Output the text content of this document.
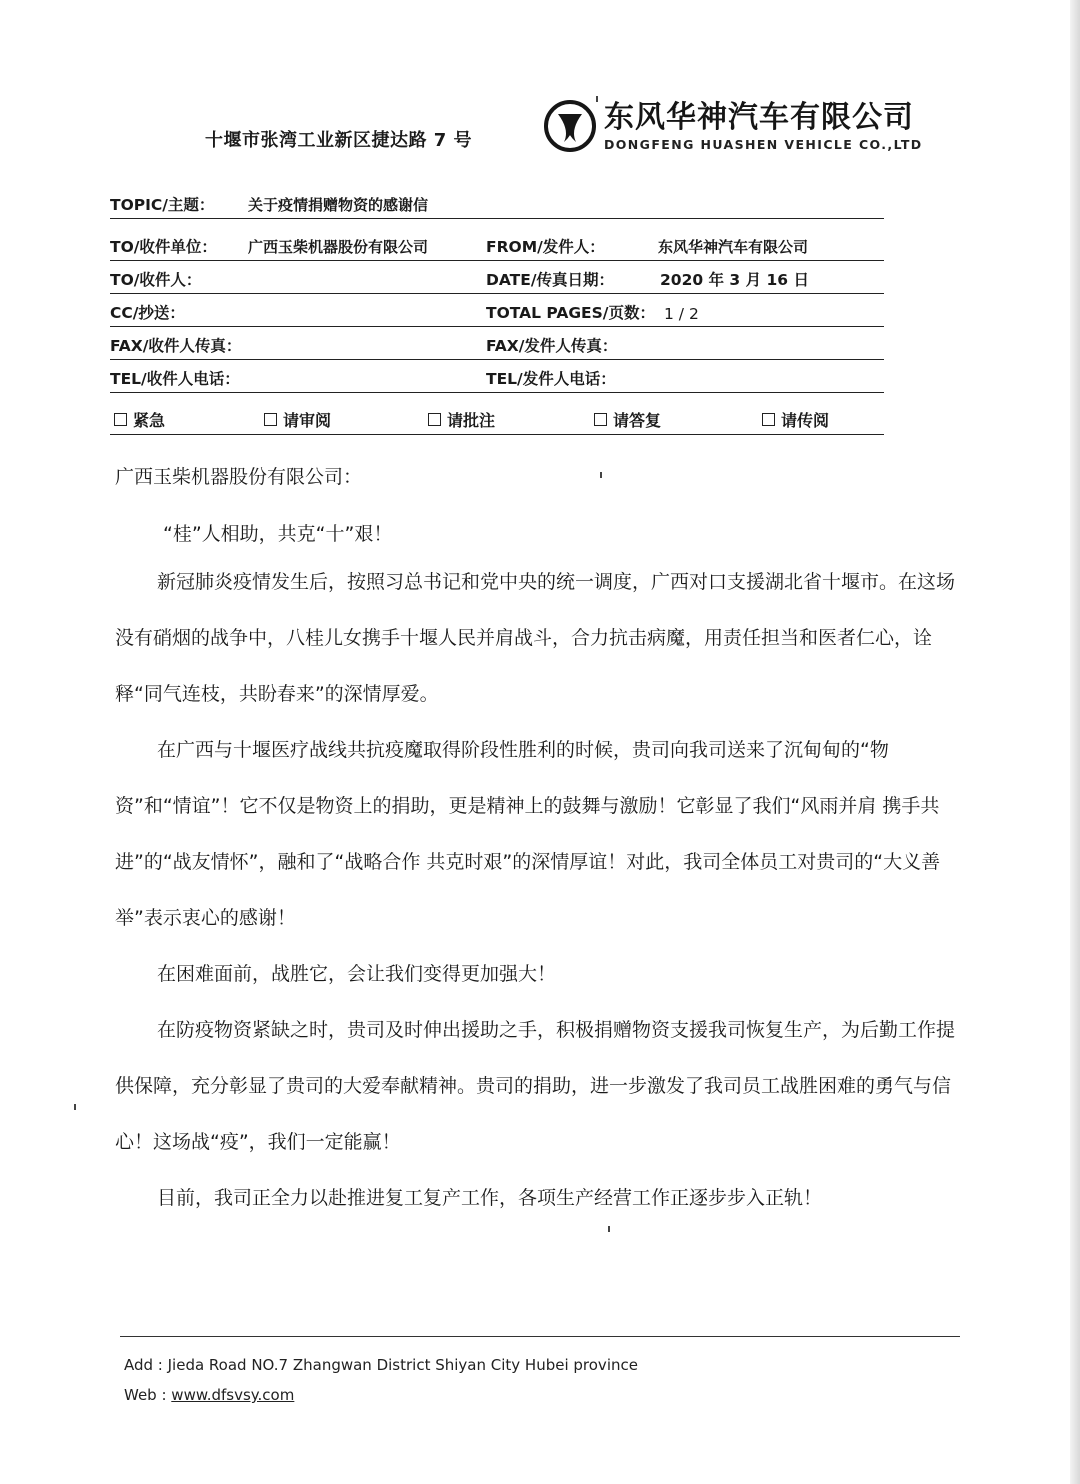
十堰市张湾工业新区捷达路 7 号
东风华神汽车有限公司
DONGFENG HUASHEN VEHICLE CO.,LTD
TOPIC/主题： 关于疫情捐赠物资的感谢信
TO/收件单位： 广西玉柴机器股份有限公司	FROM/发件人：	东风华神汽车有限公司
TO/收件人：	DATE/传真日期：	2020 年 3 月 16 日
CC/抄送：	TOTAL PAGES/页数： 1 / 2
FAX/收件人传真：	FAX/发件人传真：
TEL/收件人电话：	TEL/发件人电话：
紧急	请审阅	请批注	请答复	请传阅

广西玉柴机器股份有限公司：

“桂”人相助，共克“十”艰！

新冠肺炎疫情发生后，按照习总书记和党中央的统一调度，广西对口支援湖北省十堰市。在这场没有硝烟的战争中，八桂儿女携手十堰人民并肩战斗，合力抗击病魔，用责任担当和医者仁心，诠释“同气连枝，共盼春来”的深情厚爱。

在广西与十堰医疗战线共抗疫魔取得阶段性胜利的时候，贵司向我司送来了沉甸甸的“物资”和“情谊”！它不仅是物资上的捐助，更是精神上的鼓舞与激励！它彰显了我们“风雨并肩 携手共进”的“战友情怀”，融和了“战略合作 共克时艰”的深情厚谊！对此，我司全体员工对贵司的“大义善举”表示衷心的感谢！

在困难面前，战胜它，会让我们变得更加强大！

在防疫物资紧缺之时，贵司及时伸出援助之手，积极捐赠物资支援我司恢复生产，为后勤工作提供保障，充分彰显了贵司的大爱奉献精神。贵司的捐助，进一步激发了我司员工战胜困难的勇气与信心！这场战“疫”，我们一定能赢！

目前，我司正全力以赴推进复工复产工作，各项生产经营工作正逐步步入正轨！

Add : Jieda Road NO.7 Zhangwan District Shiyan City Hubei province
Web : www.dfsvsy.com
